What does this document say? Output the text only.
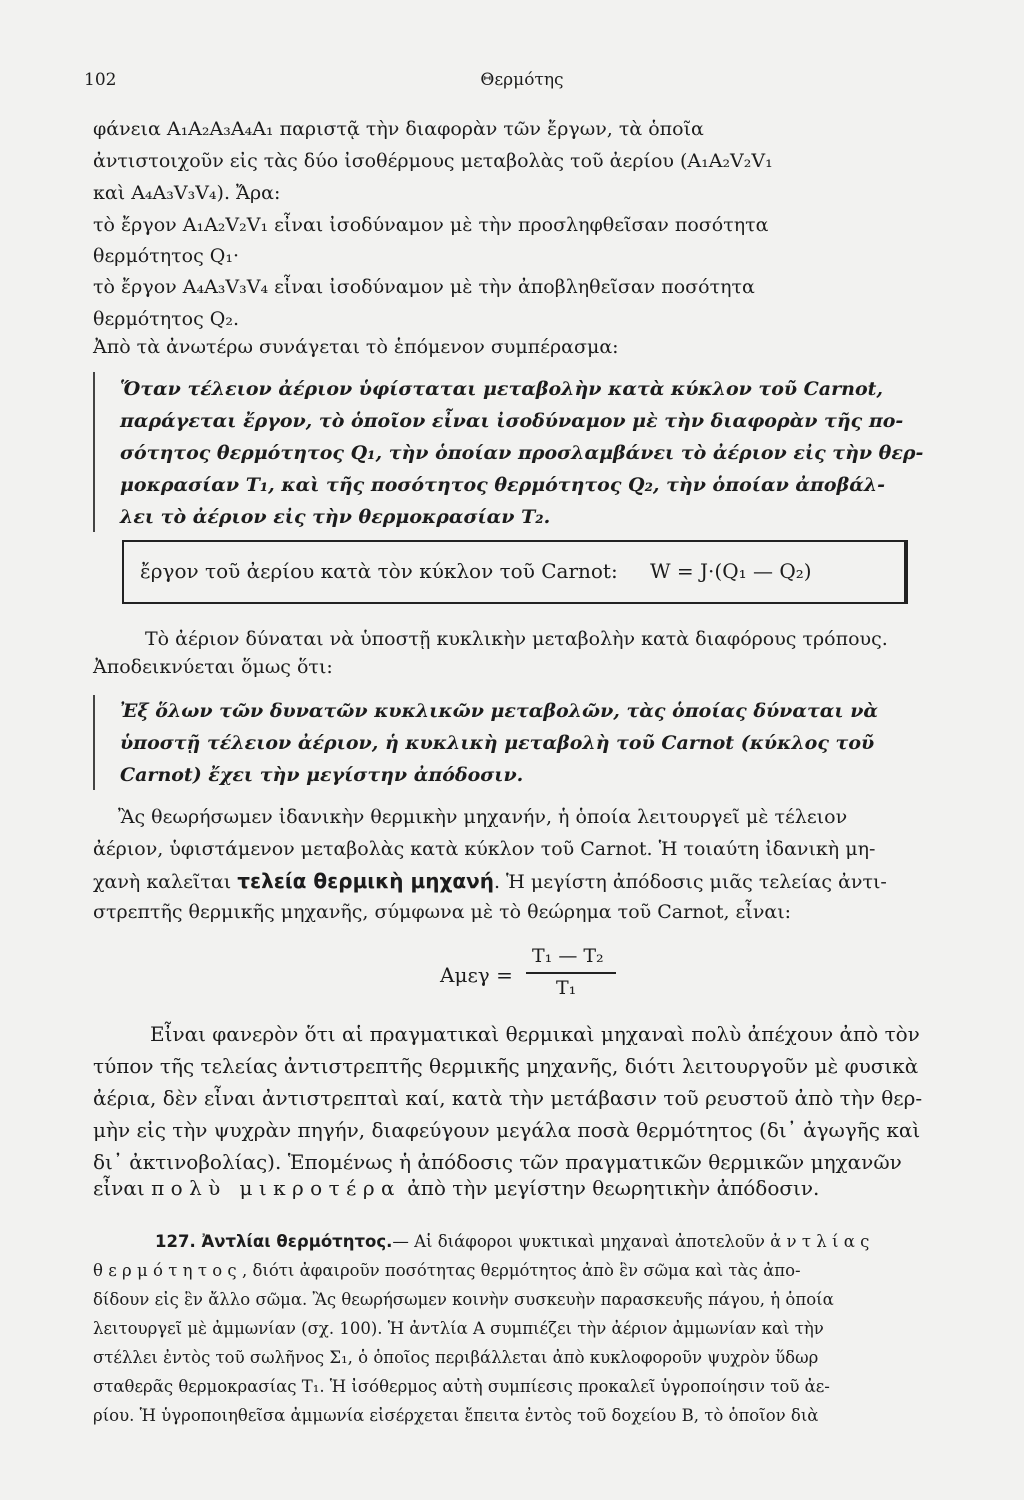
102	Θερμότης
φάνεια Α₁Α₂Α₃Α₄Α₁ παριστᾷ τὴν διαφορὰν τῶν ἔργων, τὰ ὁποῖα
ἀντιστοιχοῦν εἰς τὰς δύο ἰσοθέρμους μεταβολὰς τοῦ ἀερίου (Α₁Α₂V₂V₁
καὶ Α₄Α₃V₃V₄). Ἄρα:
τὸ ἔργον Α₁Α₂V₂V₁ εἶναι ἰσοδύναμον μὲ τὴν προσληφθεῖσαν ποσότητα
θερμότητος Q₁·
τὸ ἔργον Α₄Α₃V₃V₄ εἶναι ἰσοδύναμον μὲ τὴν ἀποβληθεῖσαν ποσότητα
θερμότητος Q₂.
Ἀπὸ τὰ ἀνωτέρω συνάγεται τὸ ἑπόμενον συμπέρασμα:
Ὅταν τέλειον ἀέριον ὑφίσταται μεταβολὴν κατὰ κύκλον τοῦ Carnot,
παράγεται ἔργον, τὸ ὁποῖον εἶναι ἰσοδύναμον μὲ τὴν διαφορὰν τῆς πο-
σότητος θερμότητος Q₁, τὴν ὁποίαν προσλαμβάνει τὸ ἀέριον εἰς τὴν θερ-
μοκρασίαν Τ₁, καὶ τῆς ποσότητος θερμότητος Q₂, τὴν ὁποίαν ἀποβάλ-
λει τὸ ἀέριον εἰς τὴν θερμοκρασίαν Τ₂.
ἔργον τοῦ ἀερίου κατὰ τὸν κύκλον τοῦ Carnot: W = J·(Q₁ — Q₂)
Τὸ ἀέριον δύναται νὰ ὑποστῇ κυκλικὴν μεταβολὴν κατὰ διαφόρους τρόπους.
Ἀποδεικνύεται ὅμως ὅτι:
Ἐξ ὅλων τῶν δυνατῶν κυκλικῶν μεταβολῶν, τὰς ὁποίας δύναται νὰ
ὑποστῇ τέλειον ἀέριον, ἡ κυκλικὴ μεταβολὴ τοῦ Carnot (κύκλος τοῦ
Carnot) ἔχει τὴν μεγίστην ἀπόδοσιν.
Ἂς θεωρήσωμεν ἰδανικὴν θερμικὴν μηχανήν, ἡ ὁποία λειτουργεῖ μὲ τέλειον
ἀέριον, ὑφιστάμενον μεταβολὰς κατὰ κύκλον τοῦ Carnot. Ἡ τοιαύτη ἰδανικὴ μη-
χανὴ καλεῖται τελεία θερμικὴ μηχανή. Ἡ μεγίστη ἀπόδοσις μιᾶς τελείας ἀντι-
στρεπτῆς θερμικῆς μηχανῆς, σύμφωνα μὲ τὸ θεώρημα τοῦ Carnot, εἶναι:
Αμεγ =
Τ₁ — Τ₂
Τ₁
Εἶναι φανερὸν ὅτι αἱ πραγματικαὶ θερμικαὶ μηχαναὶ πολὺ ἀπέχουν ἀπὸ τὸν
τύπον τῆς τελείας ἀντιστρεπτῆς θερμικῆς μηχανῆς, διότι λειτουργοῦν μὲ φυσικὰ
ἀέρια, δὲν εἶναι ἀντιστρεπταὶ καί, κατὰ τὴν μετάβασιν τοῦ ρευστοῦ ἀπὸ τὴν θερ-
μὴν εἰς τὴν ψυχρὰν πηγήν, διαφεύγουν μεγάλα ποσὰ θερμότητος (δι᾽ ἀγωγῆς καὶ
δι᾽ ἀκτινοβολίας). Ἑπομένως ἡ ἀπόδοσις τῶν πραγματικῶν θερμικῶν μηχανῶν
εἶναι πολὺ μικροτέρα ἀπὸ τὴν μεγίστην θεωρητικὴν ἀπόδοσιν.
127. Ἀντλίαι θερμότητος.— Αἱ διάφοροι ψυκτικαὶ μηχαναὶ ἀποτελοῦν ἀντλίας
θερμότητος, διότι ἀφαιροῦν ποσότητας θερμότητος ἀπὸ ἓν σῶμα καὶ τὰς ἀπο-
δίδουν εἰς ἓν ἄλλο σῶμα. Ἂς θεωρήσωμεν κοινὴν συσκευὴν παρασκευῆς πάγου, ἡ ὁποία
λειτουργεῖ μὲ ἀμμωνίαν (σχ. 100). Ἡ ἀντλία Α συμπιέζει τὴν ἀέριον ἀμμωνίαν καὶ τὴν
στέλλει ἐντὸς τοῦ σωλῆνος Σ₁, ὁ ὁποῖος περιβάλλεται ἀπὸ κυκλοφοροῦν ψυχρὸν ὕδωρ
σταθερᾶς θερμοκρασίας Τ₁. Ἡ ἰσόθερμος αὐτὴ συμπίεσις προκαλεῖ ὑγροποίησιν τοῦ ἀε-
ρίου. Ἡ ὑγροποιηθεῖσα ἀμμωνία εἰσέρχεται ἔπειτα ἐντὸς τοῦ δοχείου Β, τὸ ὁποῖον διὰ
